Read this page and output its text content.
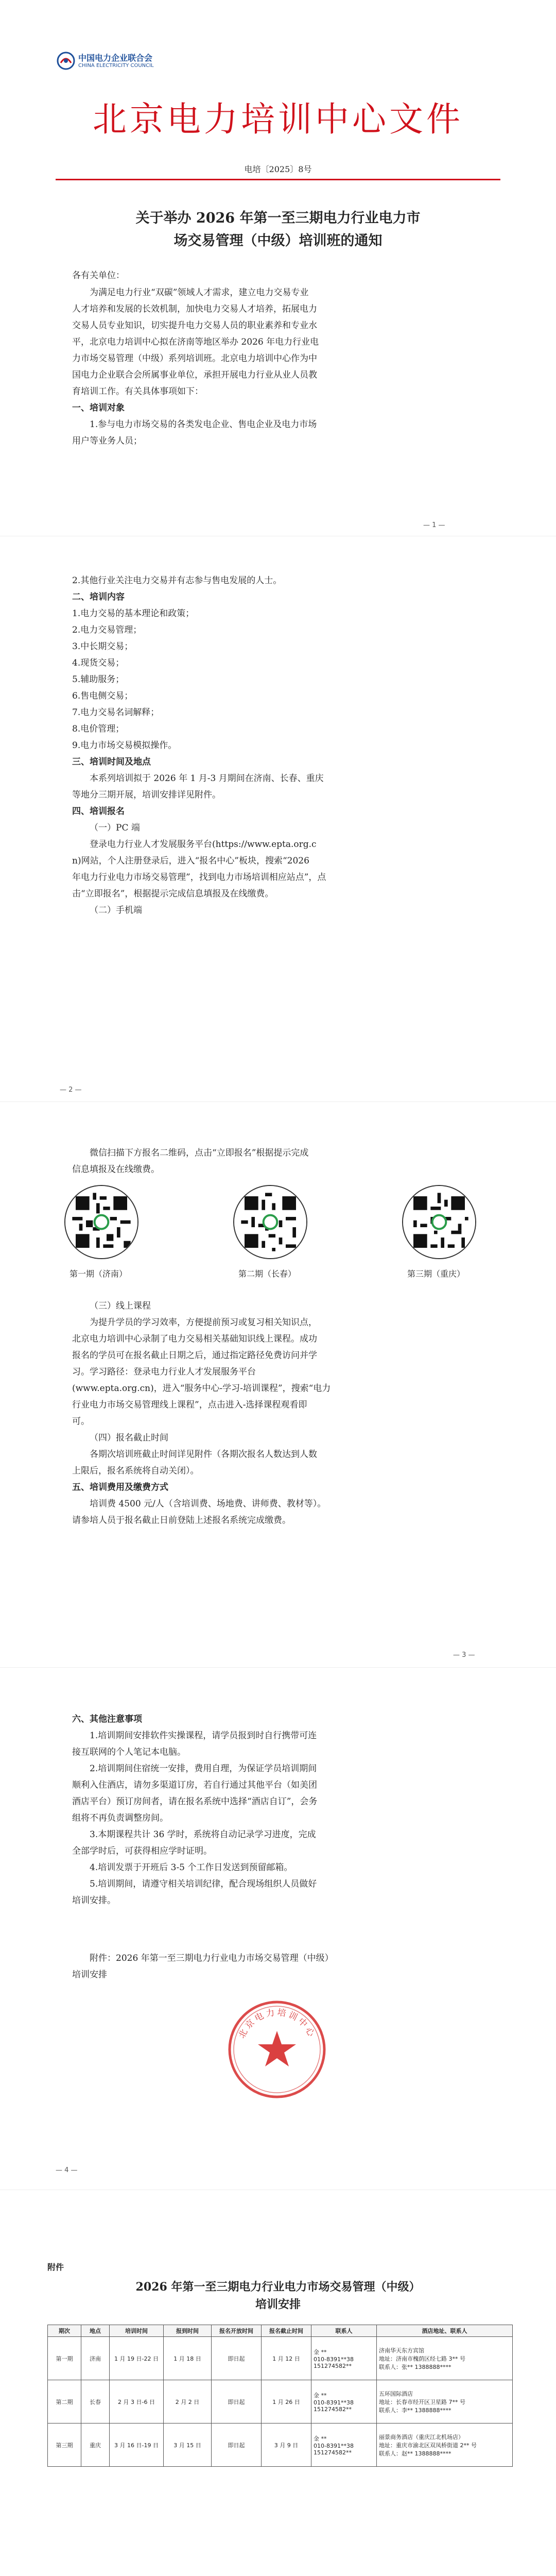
中国电力企业联合会
CHINA ELECTRICITY COUNCIL
北京电力培训中心文件
电培〔2025〕8号
关于举办 2026 年第一至三期电力行业电力市
场交易管理（中级）培训班的通知
各有关单位：
为满足电力行业“双碳”领域人才需求，建立电力交易专业
人才培养和发展的长效机制，加快电力交易人才培养，拓展电力
交易人员专业知识，切实提升电力交易人员的职业素养和专业水
平，北京电力培训中心拟在济南等地区举办 2026 年电力行业电
力市场交易管理（中级）系列培训班。北京电力培训中心作为中
国电力企业联合会所属事业单位，承担开展电力行业从业人员教
育培训工作。有关具体事项如下：
一、培训对象
1.参与电力市场交易的各类发电企业、售电企业及电力市场
用户等业务人员；
— 1 —
2.其他行业关注电力交易并有志参与售电发展的人士。
二、培训内容
1.电力交易的基本理论和政策；
2.电力交易管理；
3.中长期交易；
4.现货交易；
5.辅助服务；
6.售电侧交易；
7.电力交易名词解释；
8.电价管理；
9.电力市场交易模拟操作。
三、培训时间及地点
本系列培训拟于 2026 年 1 月-3 月期间在济南、长春、重庆
等地分三期开展，培训安排详见附件。
四、培训报名
（一）PC 端
登录电力行业人才发展服务平台(https://www.epta.org.c
n)网站，个人注册登录后，进入“报名中心”板块，搜索“2026
年电力行业电力市场交易管理”，找到电力市场培训相应站点”，点
击“立即报名”，根据提示完成信息填报及在线缴费。
（二）手机端
— 2 —
微信扫描下方报名二维码，点击“立即报名”根据提示完成
信息填报及在线缴费。
第一期（济南）	第二期（长春）	第三期（重庆）
（三）线上课程
为提升学员的学习效率，方便提前预习或复习相关知识点，
北京电力培训中心录制了电力交易相关基础知识线上课程。成功
报名的学员可在报名截止日期之后，通过指定路径免费访问并学
习。学习路径：登录电力行业人才发展服务平台
(www.epta.org.cn)，进入“服务中心-学习-培训课程”，搜索“电力
行业电力市场交易管理线上课程”，点击进入-选择课程观看即
可。
（四）报名截止时间
各期次培训班截止时间详见附件（各期次报名人数达到人数
上限后，报名系统将自动关闭）。
五、培训费用及缴费方式
培训费 4500 元/人（含培训费、场地费、讲师费、教材等）。
请参培人员于报名截止日前登陆上述报名系统完成缴费。
— 3 —
六、其他注意事项
1.培训期间安排软件实操课程，请学员报到时自行携带可连
接互联网的个人笔记本电脑。
2.培训期间住宿统一安排，费用自理，为保证学员培训期间
顺利入住酒店，请勿多渠道订房，若自行通过其他平台（如美团
酒店平台）预订房间者，请在报名系统中选择“酒店自订”，会务
组将不再负责调整房间。
3.本期课程共计 36 学时，系统将自动记录学习进度，完成
全部学时后，可获得相应学时证明。
4.培训发票于开班后 3-5 个工作日发送到预留邮箱。
5.培训期间，请遵守相关培训纪律，配合现场组织人员做好
培训安排。
附件：2026 年第一至三期电力行业电力市场交易管理（中级）
培训安排
北京电力培训中心
— 4 —
附件
2026 年第一至三期电力行业电力市场交易管理（中级）
培训安排
期次	地点	培训时间	报到时间	报名开放时间	报名截止时间	联系人	酒店地址、联系人
第一期	济南	1 月 19 日-22 日	1 月 18 日	即日起	1 月 12 日	金 **
010-8391**38
151274582**	济南华天东方宾馆
地址：济南市槐荫区经七路 3** 号
联系人：张** 1388888****
第二期	长春	2 月 3 日-6 日	2 月 2 日	即日起	1 月 26 日	金 **
010-8391**38
151274582**	五环国际酒店
地址：长春市经开区卫星路 7** 号
联系人：李** 1388888****
第三期	重庆	3 月 16 日-19 日	3 月 15 日	即日起	3 月 9 日	金 **
010-8391**38
151274582**	丽景商务酒店（重庆江北机场店）
地址：重庆市渝北区双凤桥街道 2** 号
联系人：赵** 1388888****
